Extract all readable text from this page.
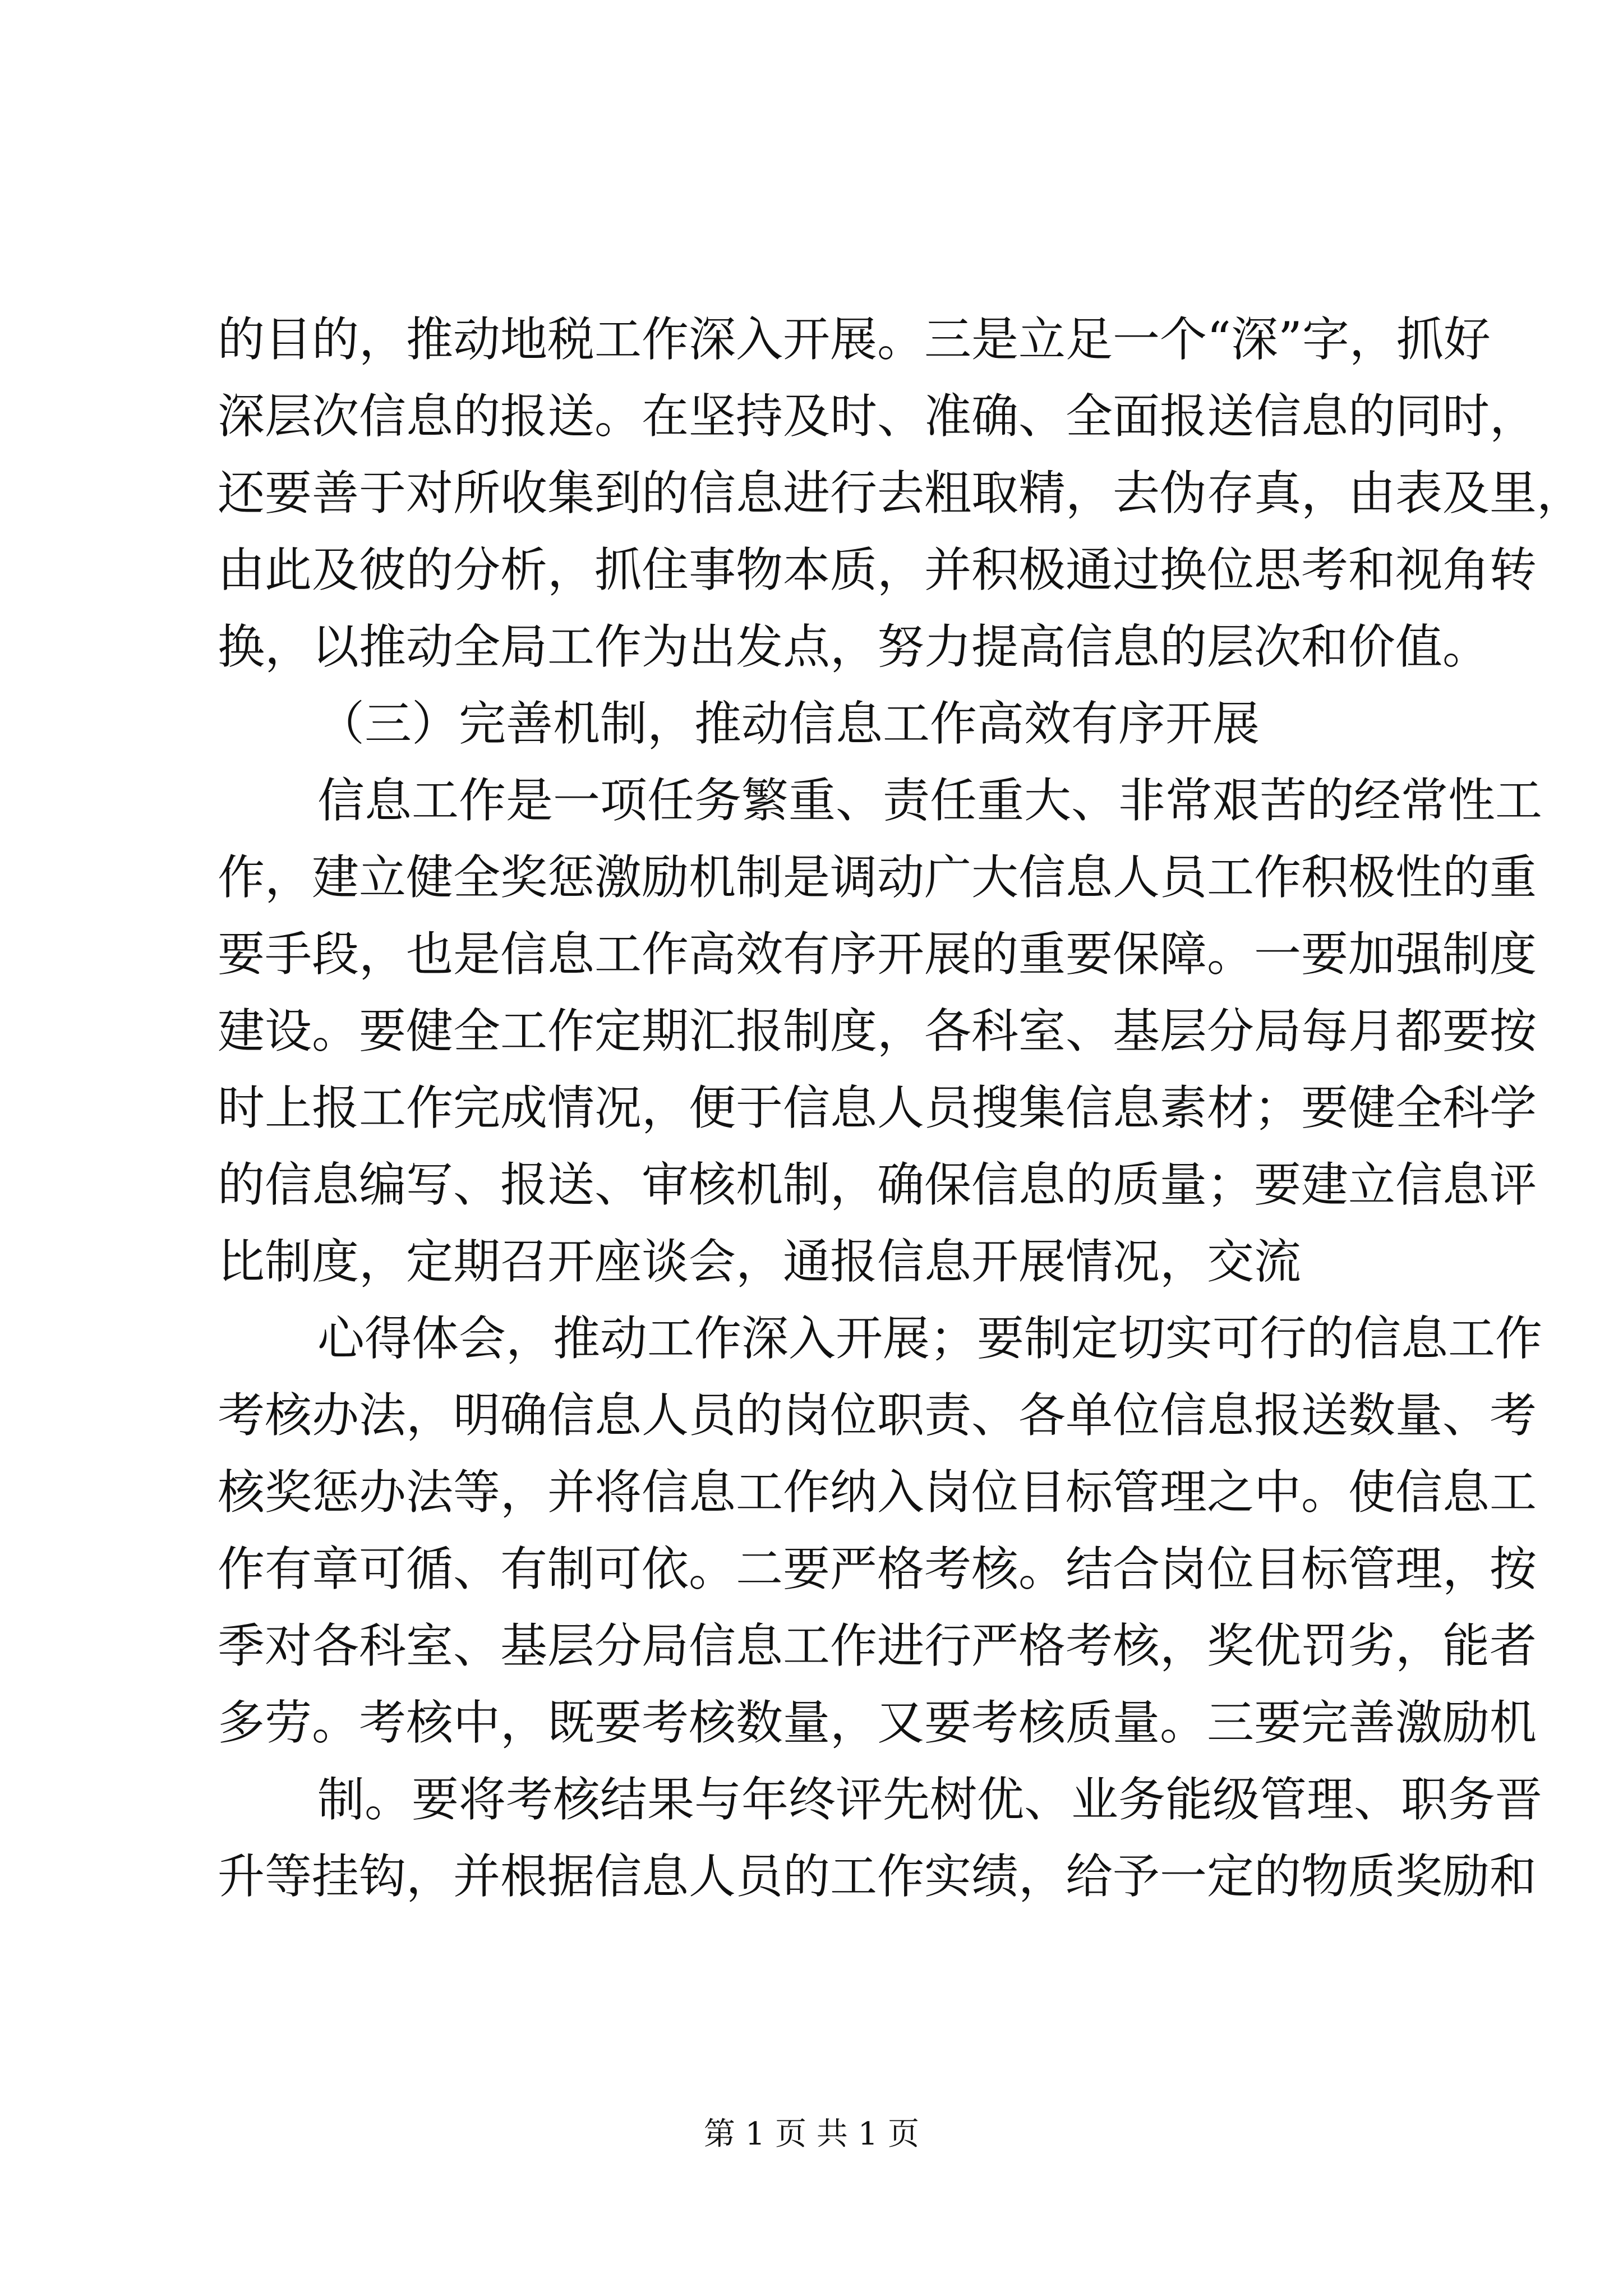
的目的，推动地税工作深入开展。三是立足一个“深”字，抓好
深层次信息的报送。在坚持及时、准确、全面报送信息的同时，
还要善于对所收集到的信息进行去粗取精，去伪存真，由表及里，
由此及彼的分析，抓住事物本质，并积极通过换位思考和视角转
换，以推动全局工作为出发点，努力提高信息的层次和价值。
（三）完善机制，推动信息工作高效有序开展
信息工作是一项任务繁重、责任重大、非常艰苦的经常性工
作，建立健全奖惩激励机制是调动广大信息人员工作积极性的重
要手段，也是信息工作高效有序开展的重要保障。一要加强制度
建设。要健全工作定期汇报制度，各科室、基层分局每月都要按
时上报工作完成情况，便于信息人员搜集信息素材；要健全科学
的信息编写、报送、审核机制，确保信息的质量；要建立信息评
比制度，定期召开座谈会，通报信息开展情况，交流
心得体会，推动工作深入开展；要制定切实可行的信息工作
考核办法，明确信息人员的岗位职责、各单位信息报送数量、考
核奖惩办法等，并将信息工作纳入岗位目标管理之中。使信息工
作有章可循、有制可依。二要严格考核。结合岗位目标管理，按
季对各科室、基层分局信息工作进行严格考核，奖优罚劣，能者
多劳。考核中，既要考核数量，又要考核质量。三要完善激励机
制。要将考核结果与年终评先树优、业务能级管理、职务晋
升等挂钩，并根据信息人员的工作实绩，给予一定的物质奖励和
第 1 页 共 1 页
